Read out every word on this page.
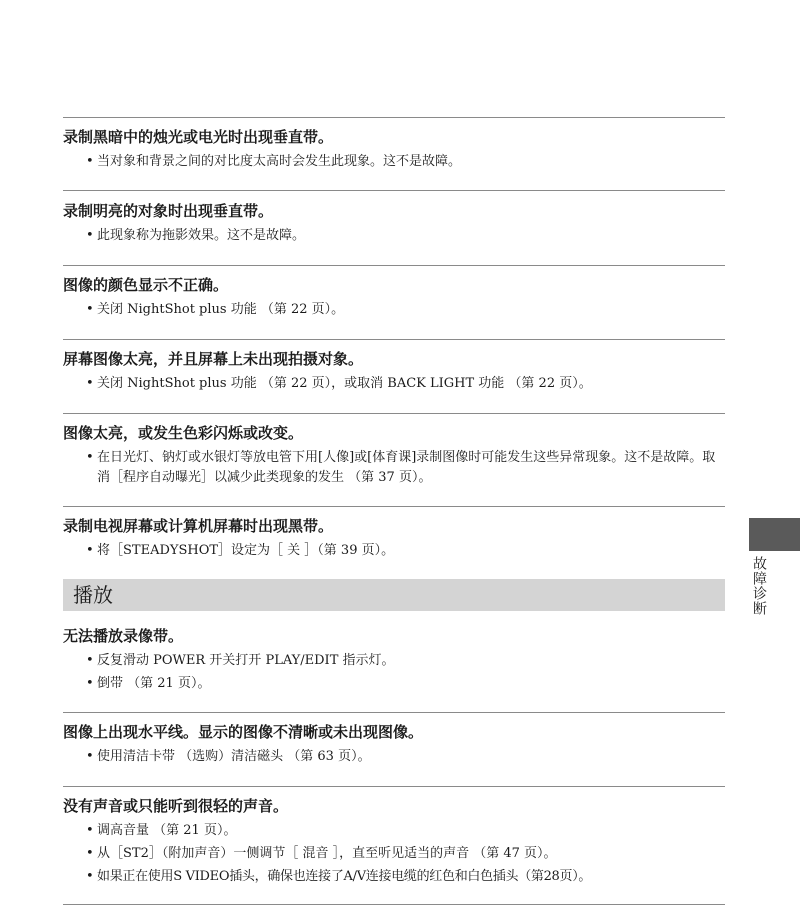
录制黑暗中的烛光或电光时出现垂直带。
• 当对象和背景之间的对比度太高时会发生此现象。这不是故障。
录制明亮的对象时出现垂直带。
• 此现象称为拖影效果。这不是故障。
图像的颜色显示不正确。
• 关闭 NightShot plus 功能 （第 22 页）。
屏幕图像太亮，并且屏幕上未出现拍摄对象。
• 关闭 NightShot plus 功能 （第 22 页），或取消 BACK LIGHT 功能 （第 22 页）。
图像太亮，或发生色彩闪烁或改变。
• 在日光灯、钠灯或水银灯等放电管下用[人像]或[体育课]录制图像时可能发生这些异常现象。这不是故障。取消［程序自动曝光］以减少此类现象的发生 （第 37 页）。
录制电视屏幕或计算机屏幕时出现黑带。
• 将［STEADYSHOT］设定为［ 关 ］（第 39 页）。
播放
无法播放录像带。
• 反复滑动 POWER 开关打开 PLAY/EDIT 指示灯。
• 倒带 （第 21 页）。
图像上出现水平线。显示的图像不清晰或未出现图像。
• 使用清洁卡带 （选购）清洁磁头 （第 63 页）。
没有声音或只能听到很轻的声音。
• 调高音量 （第 21 页）。
• 从［ST2］（附加声音）一侧调节［ 混音 ］，直至听见适当的声音 （第 47 页）。
• 如果正在使用S VIDEO插头，确保也连接了A/V连接电缆的红色和白色插头（第28页）。
故障诊断
